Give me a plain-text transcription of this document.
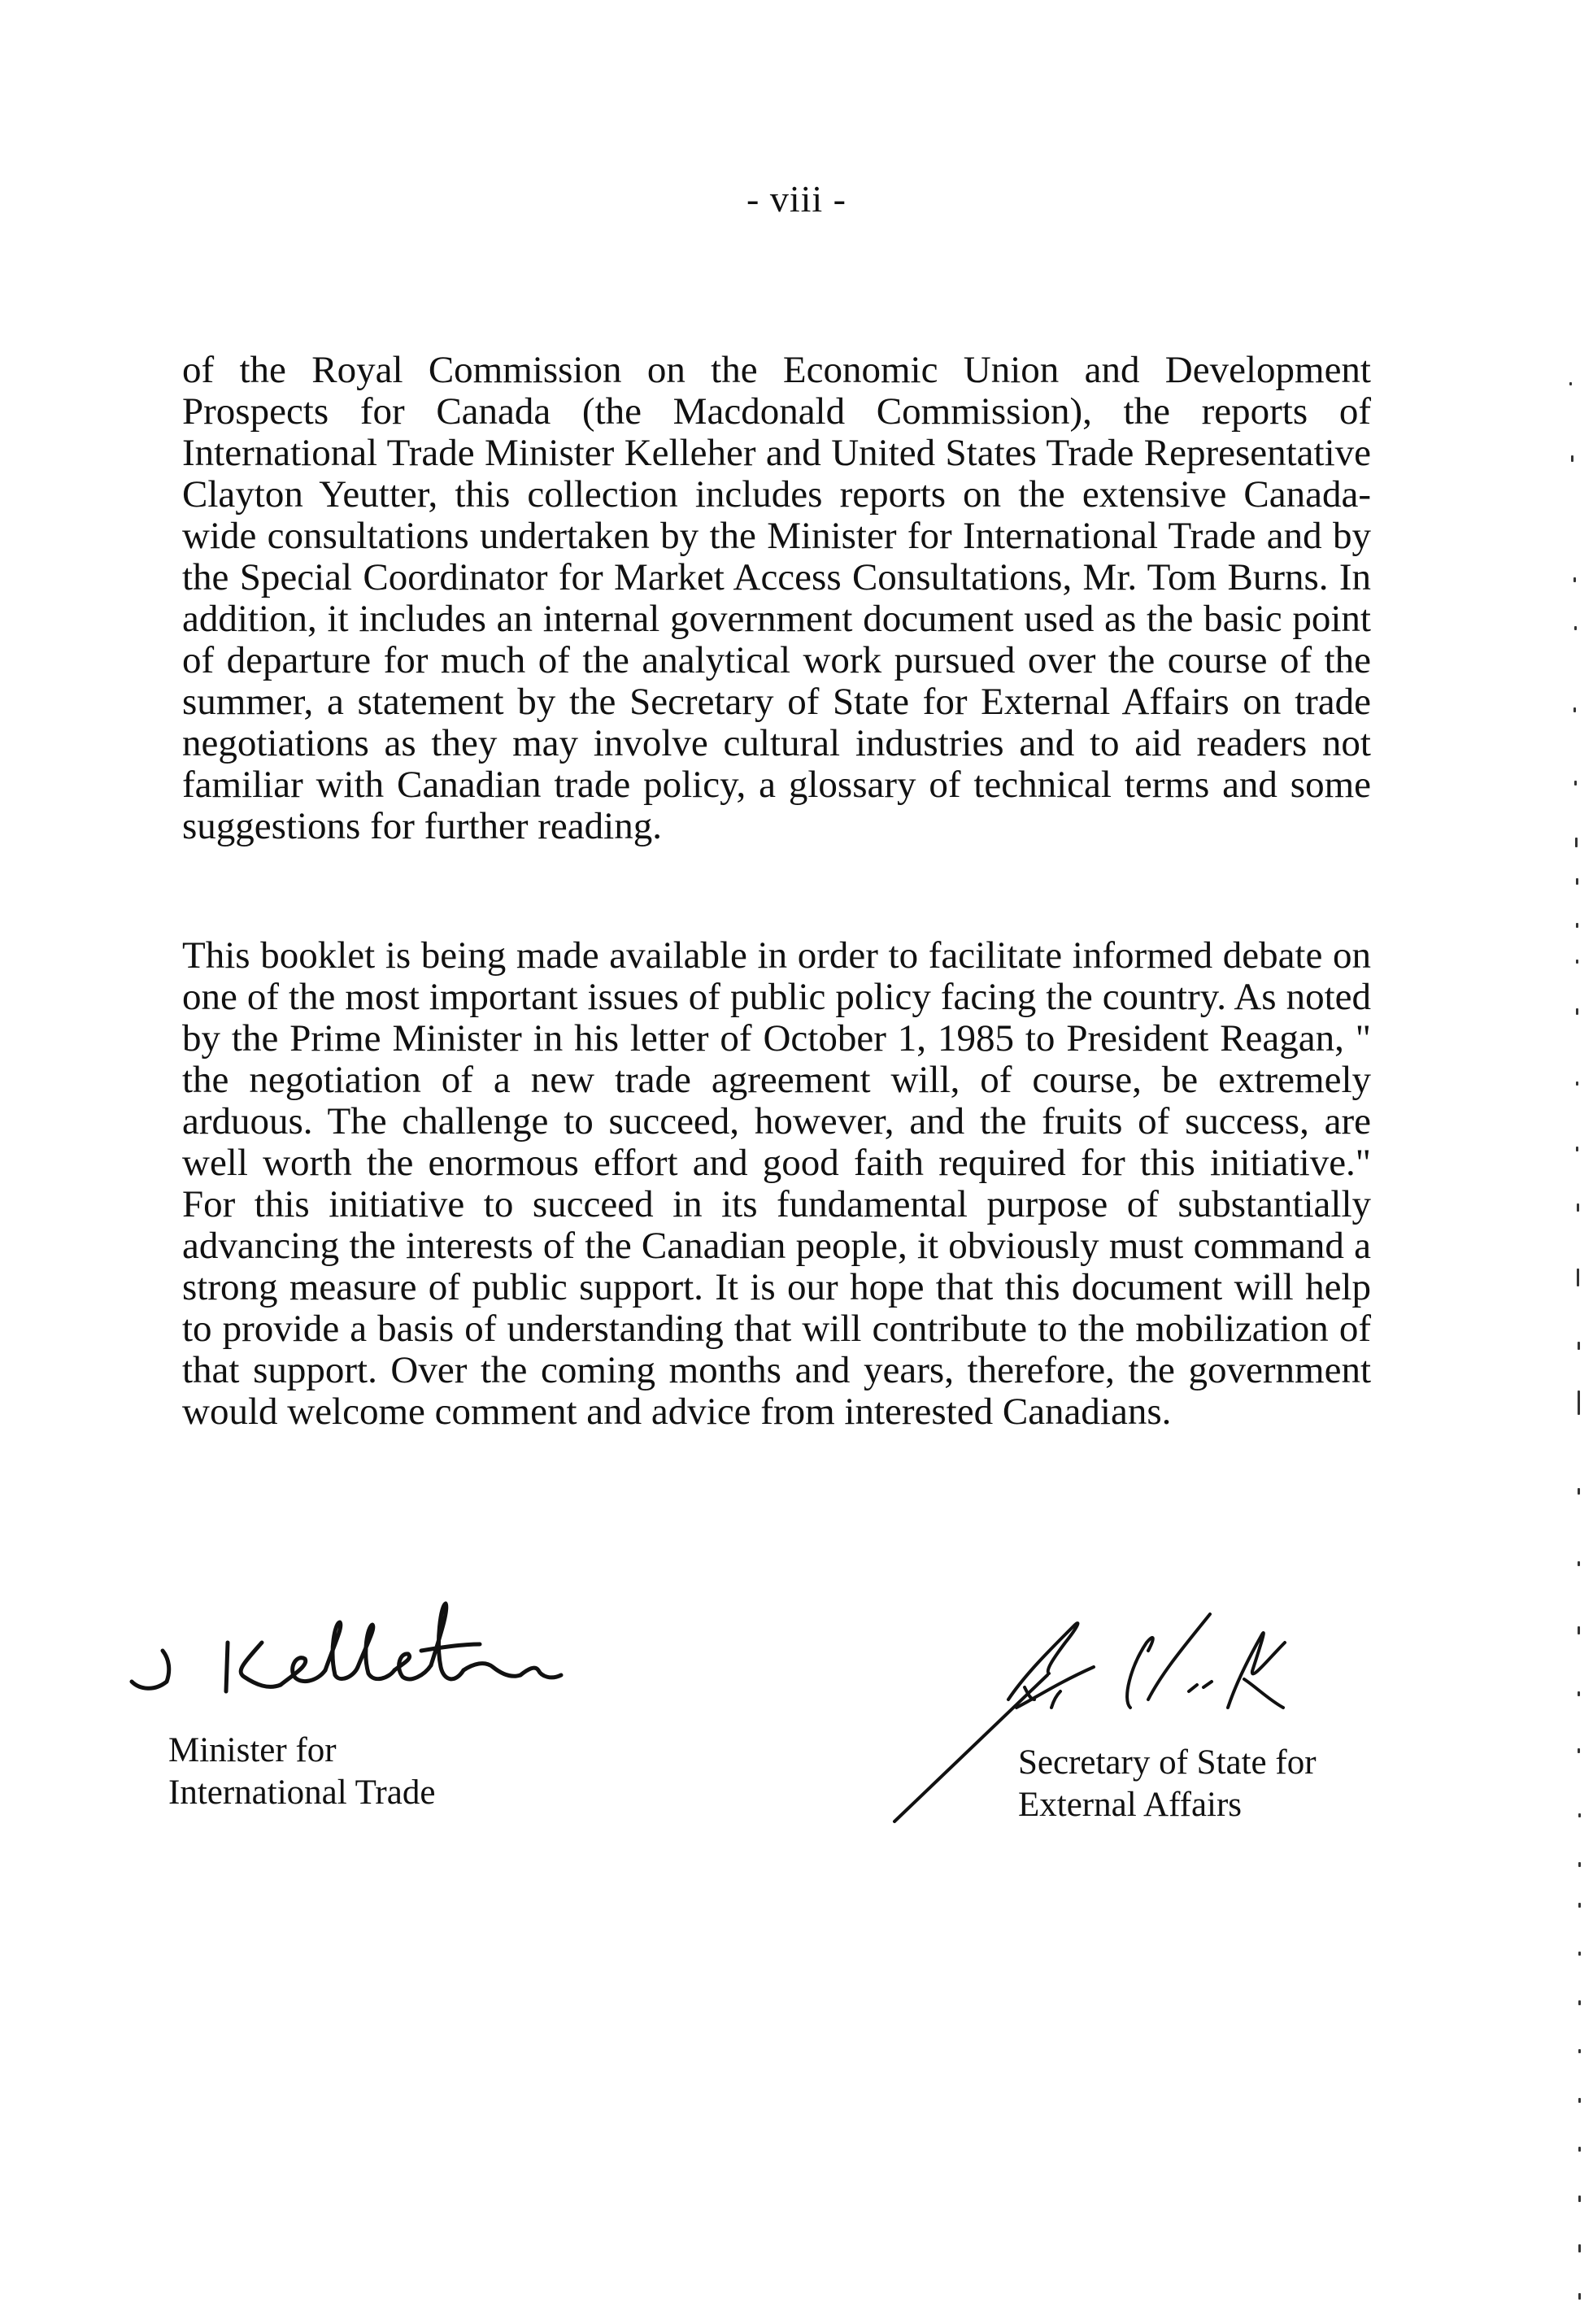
- viii -

of the Royal Commission on the Economic Union and Development Prospects for Canada (the Macdonald Commission), the reports of International Trade Minister Kelleher and United States Trade Representative Clayton Yeutter, this collection includes reports on the extensive Canada-wide consultations undertaken by the Minister for International Trade and by the Special Coordinator for Market Access Consultations, Mr. Tom Burns. In addition, it includes an internal government document used as the basic point of departure for much of the analytical work pursued over the course of the summer, a statement by the Secretary of State for External Affairs on trade negotiations as they may involve cultural industries and to aid readers not familiar with Canadian trade policy, a glossary of technical terms and some suggestions for further reading.

This booklet is being made available in order to facilitate informed debate on one of the most important issues of public policy facing the country. As noted by the Prime Minister in his letter of October 1, 1985 to President Reagan, " the negotiation of a new trade agreement will, of course, be extremely arduous. The challenge to succeed, however, and the fruits of success, are well worth the enormous effort and good faith required for this initiative." For this initiative to succeed in its fundamental purpose of substantially advancing the interests of the Canadian people, it obviously must command a strong measure of public support. It is our hope that this document will help to provide a basis of understanding that will contribute to the mobilization of that support. Over the coming months and years, therefore, the government would welcome comment and advice from interested Canadians.

Minister for
International Trade
Secretary of State for
External Affairs
